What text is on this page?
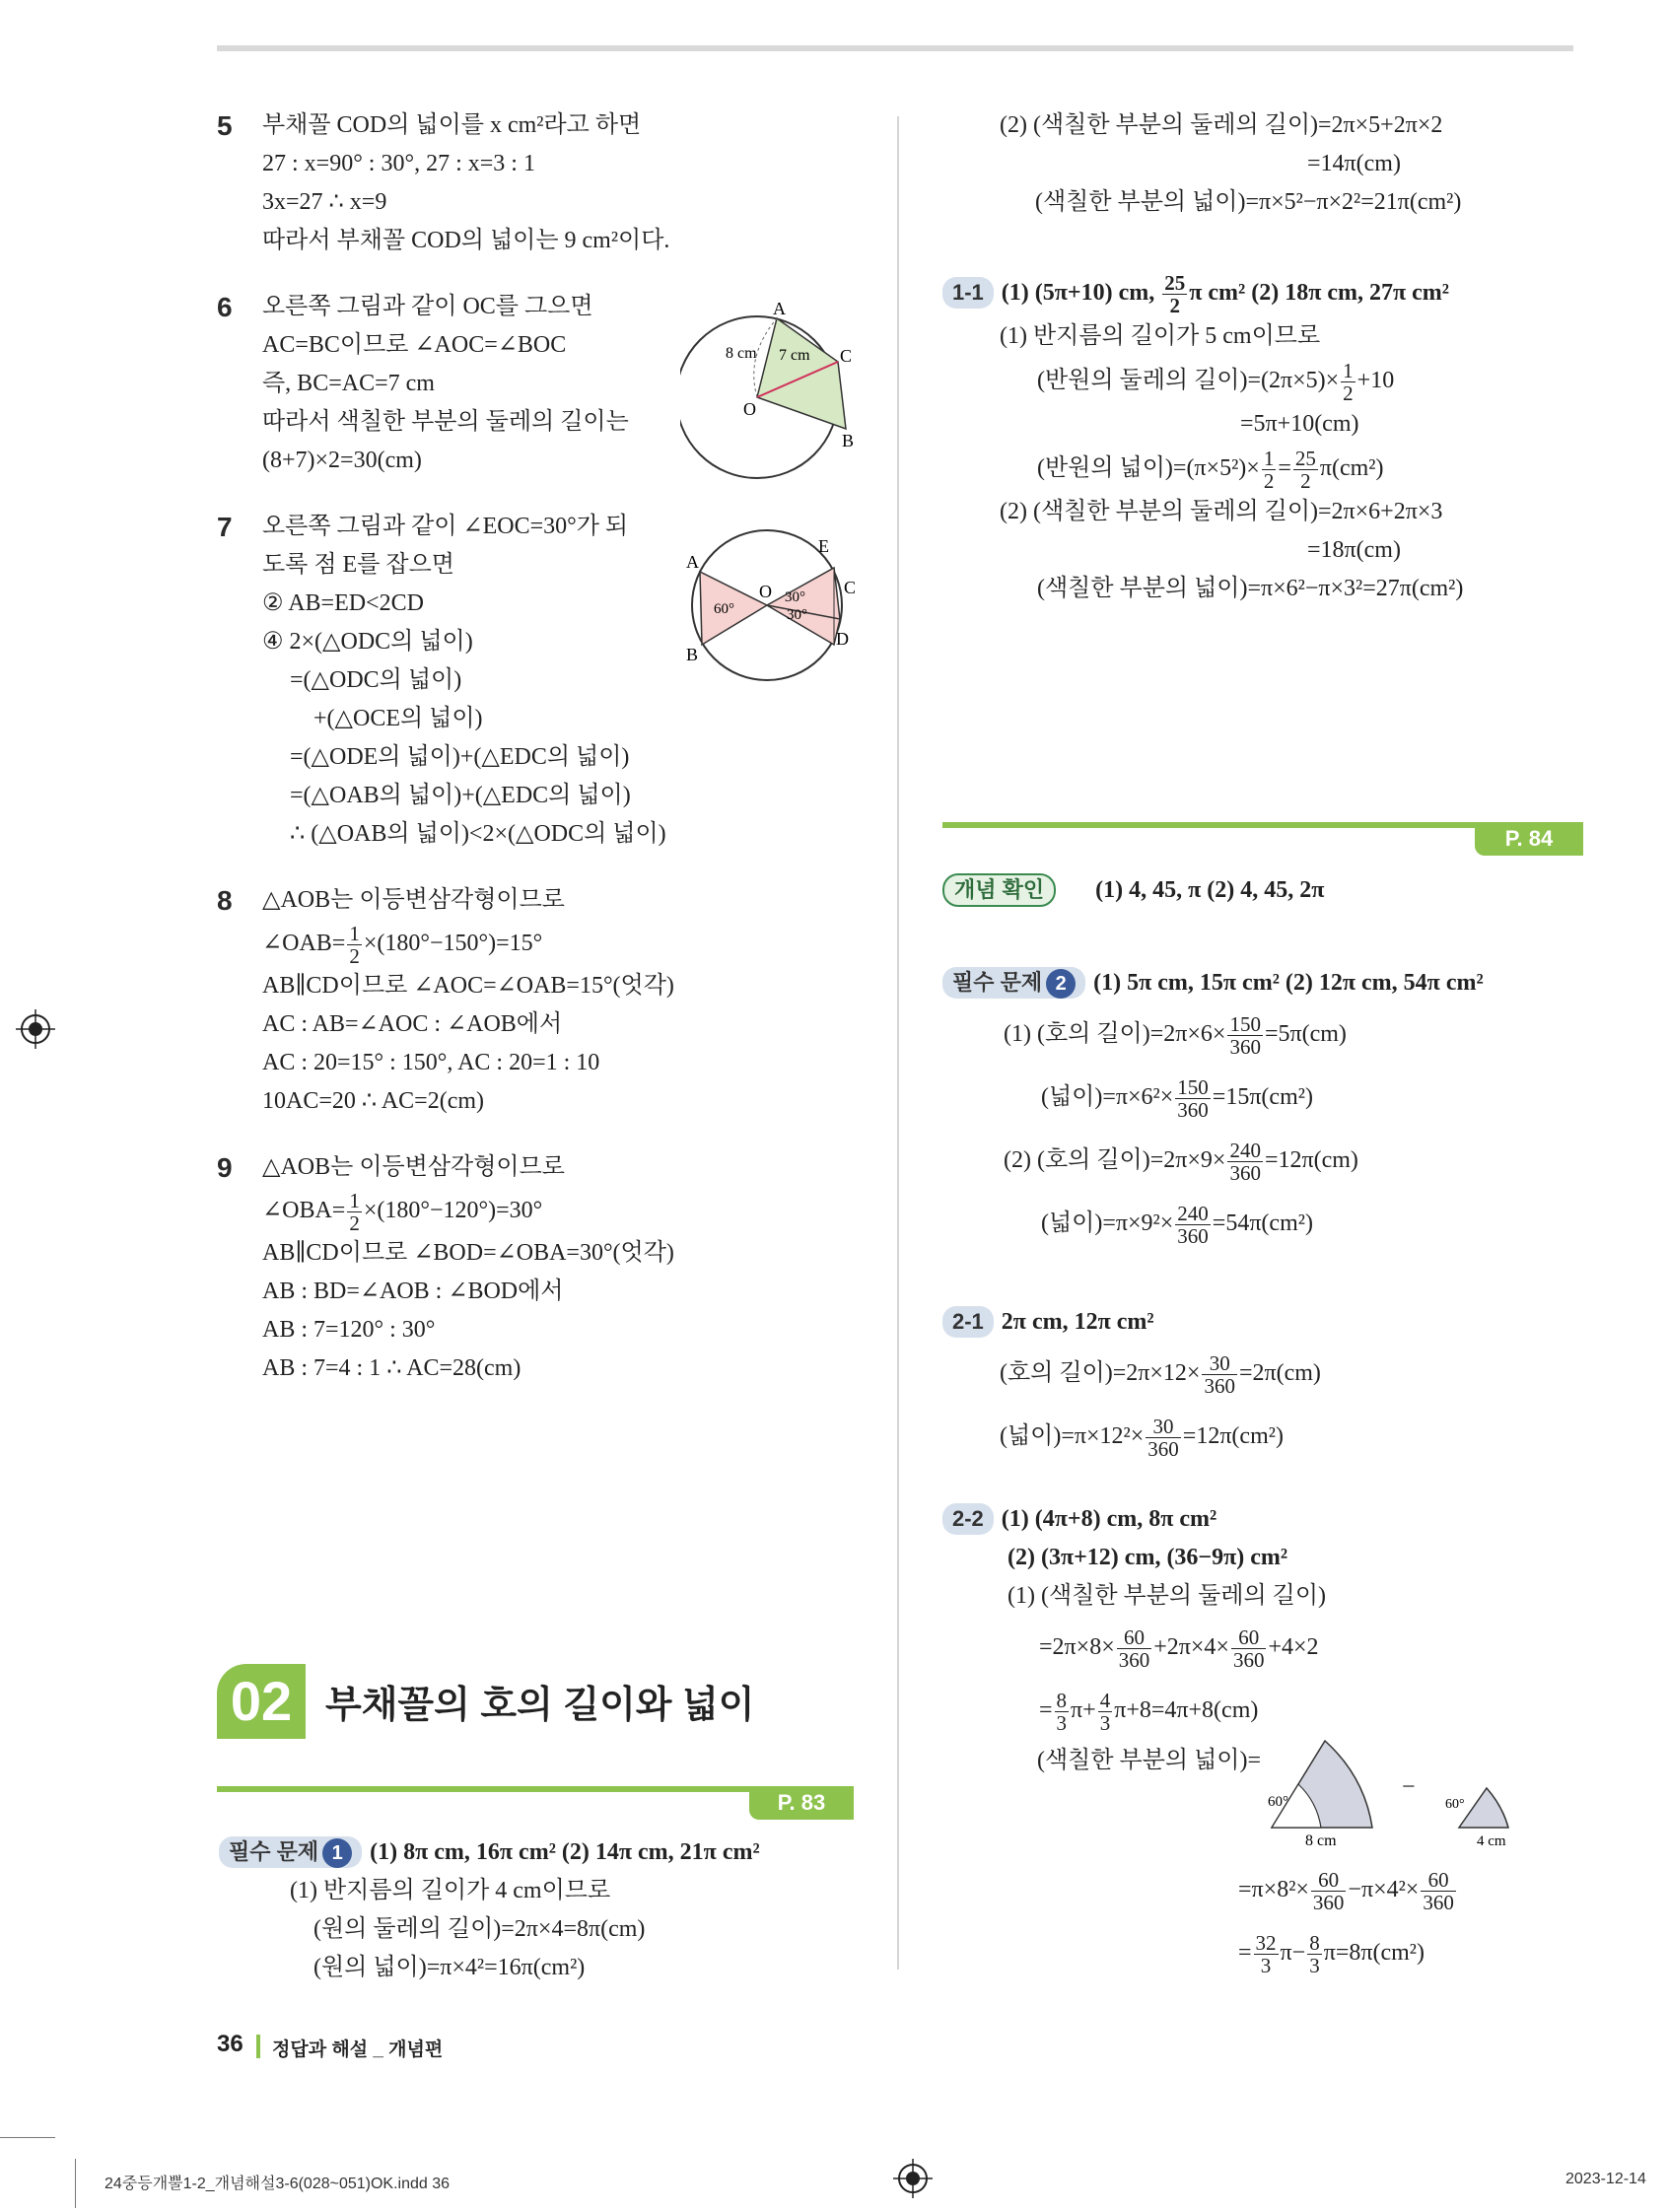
5 부채꼴 COD의 넓이를 x cm²라고 하면
27 : x=90° : 30°, 27 : x=3 : 1
3x=27 ∴ x=9
따라서 부채꼴 COD의 넓이는 9 cm²이다.
6 오른쪽 그림과 같이 OC를 그으면
AC=BC이므로 ∠AOC=∠BOC
즉, BC=AC=7 cm
따라서 색칠한 부분의 둘레의 길이는
(8+7)×2=30(cm)
7 오른쪽 그림과 같이 ∠EOC=30°가 되
도록 점 E를 잡으면
② AB=ED<2CD
④ 2×(△ODC의 넓이)
=(△ODC의 넓이)
+(△OCE의 넓이)
=(△ODE의 넓이)+(△EDC의 넓이)
=(△OAB의 넓이)+(△EDC의 넓이)
∴ (△OAB의 넓이)<2×(△ODC의 넓이)
8 △AOB는 이등변삼각형이므로
∠OAB= $\frac{1}{2} \times(180^\circ-150^\circ)=15^\circ$
AB∥CD이므로 ∠AOC=∠OAB=15°(엇각)
AC : AB=∠AOC : ∠AOB에서
AC : 20=15° : 150°, AC : 20=1 : 10
10AC=20 ∴ AC=2(cm)
9 △AOB는 이등변삼각형이므로
∠OBA= $\frac{1}{2} \times(180^\circ-120^\circ)=30^\circ$
AB∥CD이므로 ∠BOD=∠OBA=30°(엇각)
AB : BD=∠AOB : ∠BOD에서
AB : 7=120° : 30°
AB : 7=4 : 1 ∴ AC=28(cm)
A
C
B
O
8 cm 7 cm
A
B
E
C
D
O
60°
30°
30°
02 부채꼴의 호의 길이와 넓이
P. 83
필수 문제 1 (1) 8π cm, 16π cm² (2) 14π cm, 21π cm²
(1) 반지름의 길이가 4 cm이므로
(원의 둘레의 길이)=2π×4=8π(cm)
(원의 넓이)=π×4²=16π(cm²)
(2) (색칠한 부분의 둘레의 길이)=2π×5+2π×2
=14π(cm)
(색칠한 부분의 넓이)=π×5²−π×2²=21π(cm²)
1-1 (1) (5π+10) cm, $\frac{25}{2}$ π cm² (2) 18π cm, 27π cm²
(1) 반지름의 길이가 5 cm이므로
(반원의 둘레의 길이)$=(2\pi\times 5)\times \frac{1}{2} +10$
=5π+10(cm)
(반원의 넓이)$=(\pi\times 5^2)\times \frac{1}{2} = \frac{25}{2} \pi(cm^2)$
(2) (색칠한 부분의 둘레의 길이)=2π×6+2π×3
=18π(cm)
(색칠한 부분의 넓이)=π×6²−π×3²=27π(cm²)
P. 84
개념 확인 (1) 4, 45, π (2) 4, 45, 2π
필수 문제 2 (1) 5π cm, 15π cm² (2) 12π cm, 54π cm²
(1) (호의 길이)$=2\pi\times 6\times \frac{150}{360} =5\pi(cm)$
(넓이)$=\pi\times 6^2\times \frac{150}{360} =15\pi(cm^2)$
(2) (호의 길이)$=2\pi\times 9\times \frac{240}{360} =12\pi(cm)$
(넓이)$=\pi\times 9^2\times \frac{240}{360} =54\pi(cm^2)$
2-1 2π cm, 12π cm²
(호의 길이)$=2\pi\times 12\times \frac{30}{360} =2\pi(cm)$
(넓이)$=\pi\times 12^2\times \frac{30}{360} =12\pi(cm^2)$
2-2 (1) (4π+8) cm, 8π cm²
(2) (3π+12) cm, (36−9π) cm²
(1) (색칠한 부분의 둘레의 길이)
$=2\pi\times 8\times \frac{60}{360} +2\pi\times 4\times \frac{60}{360} +4\times 2$
= $\frac{8}{3} \pi+ \frac{4}{3} \pi+8=4\pi+8(cm)$
(색칠한 부분의 넓이)=
$=\pi\times 8^2\times \frac{60}{360} -\pi\times 4^2\times \frac{60}{360}$
= $\frac{32}{3} \pi- \frac{8}{3} \pi=8\pi(cm^2)$
60°
8 cm
−
60°
4 cm
36 정답과 해설 _ 개념편
24중등개뿔1-2_개념해설3-6(028~051)OK.indd 36	2023-12-14
